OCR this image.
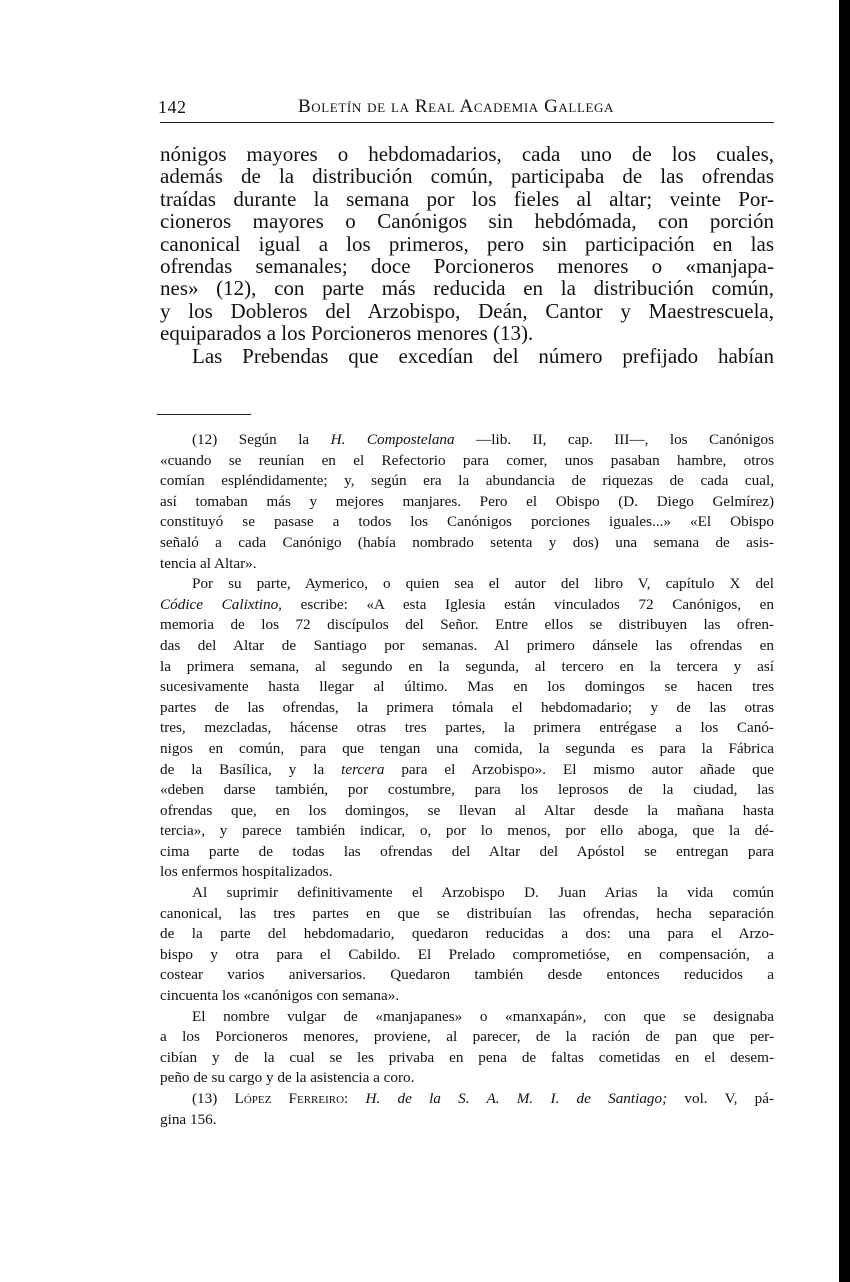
142	Boletín de la Real Academia Gallega
nónigos mayores o hebdomadarios, cada uno de los cuales,
además de la distribución común, participaba de las ofrendas
traídas durante la semana por los fieles al altar; veinte Por-
cioneros mayores o Canónigos sin hebdómada, con porción
canonical igual a los primeros, pero sin participación en las
ofrendas semanales; doce Porcioneros menores o «manjapa-
nes» (12), con parte más reducida en la distribución común,
y los Dobleros del Arzobispo, Deán, Cantor y Maestrescuela,
equiparados a los Porcioneros menores (13).
Las Prebendas que excedían del número prefijado habían
(12) Según la H. Compostelana —lib. II, cap. III—, los Canónigos
«cuando se reunían en el Refectorio para comer, unos pasaban hambre, otros
comían espléndidamente; y, según era la abundancia de riquezas de cada cual,
así tomaban más y mejores manjares. Pero el Obispo (D. Diego Gelmírez)
constituyó se pasase a todos los Canónigos porciones iguales...» «El Obispo
señaló a cada Canónigo (había nombrado setenta y dos) una semana de asis-
tencia al Altar».
Por su parte, Aymerico, o quien sea el autor del libro V, capítulo X del
Códice Calixtino, escribe: «A esta Iglesia están vinculados 72 Canónigos, en
memoria de los 72 discípulos del Señor. Entre ellos se distribuyen las ofren-
das del Altar de Santiago por semanas. Al primero dánsele las ofrendas en
la primera semana, al segundo en la segunda, al tercero en la tercera y así
sucesivamente hasta llegar al último. Mas en los domingos se hacen tres
partes de las ofrendas, la primera tómala el hebdomadario; y de las otras
tres, mezcladas, hácense otras tres partes, la primera entrégase a los Canó-
nigos en común, para que tengan una comida, la segunda es para la Fábrica
de la Basílica, y la tercera para el Arzobispo». El mismo autor añade que
«deben darse también, por costumbre, para los leprosos de la ciudad, las
ofrendas que, en los domingos, se llevan al Altar desde la mañana hasta
tercia», y parece también indicar, o, por lo menos, por ello aboga, que la dé-
cima parte de todas las ofrendas del Altar del Apóstol se entregan para
los enfermos hospitalizados.
Al suprimir definitivamente el Arzobispo D. Juan Arias la vida común
canonical, las tres partes en que se distribuían las ofrendas, hecha separación
de la parte del hebdomadario, quedaron reducidas a dos: una para el Arzo-
bispo y otra para el Cabildo. El Prelado comprometióse, en compensación, a
costear varios aniversarios. Quedaron también desde entonces reducidos a
cincuenta los «canónigos con semana».
El nombre vulgar de «manjapanes» o «manxapán», con que se designaba
a los Porcioneros menores, proviene, al parecer, de la ración de pan que per-
cibían y de la cual se les privaba en pena de faltas cometidas en el desem-
peño de su cargo y de la asistencia a coro.
(13) López Ferreiro: H. de la S. A. M. I. de Santiago; vol. V, pá-
gina 156.
